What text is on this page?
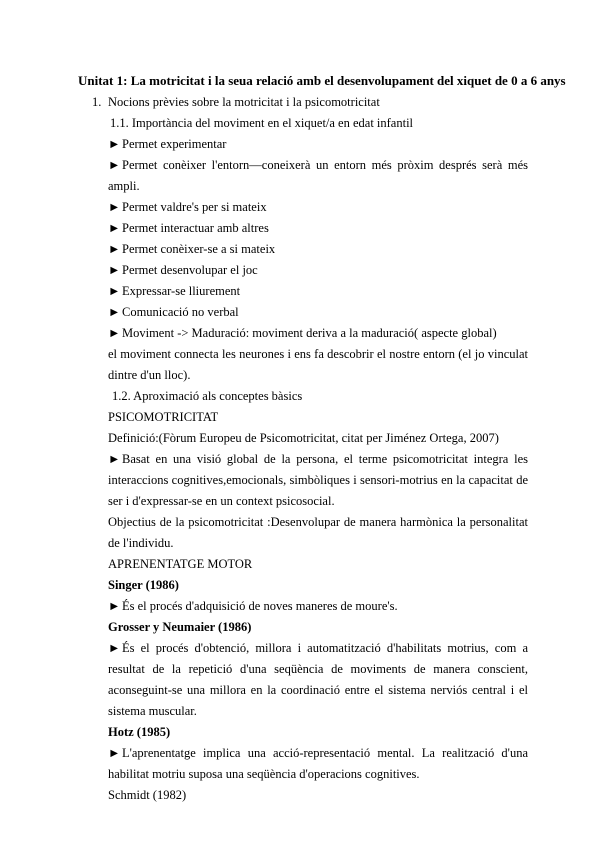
Unitat 1: La motricitat i la seua relació amb el desenvolupament del xiquet de 0 a 6 anys
1. Nocions prèvies sobre la motricitat i la psicomotricitat
1.1. Importància del moviment en el xiquet/a en edat infantil
► Permet experimentar
► Permet conèixer l'entorn—coneixerà un entorn més pròxim després serà més ampli.
► Permet valdre's per si mateix
► Permet interactuar amb altres
► Permet conèixer-se a si mateix
► Permet desenvolupar el joc
► Expressar-se lliurement
► Comunicació no verbal
► Moviment -> Maduració: moviment deriva a la maduració( aspecte global)
el moviment connecta les neurones i ens fa descobrir el nostre entorn (el jo vinculat dintre d'un lloc).
1.2. Aproximació als conceptes bàsics
PSICOMOTRICITAT
Definició:(Fòrum Europeu de Psicomotricitat, citat per Jiménez Ortega, 2007)
► Basat en una visió global de la persona, el terme psicomotricitat integra les interaccions cognitives,emocionals, simbòliques i sensori-motrius en la capacitat de ser i d'expressar-se en un context psicosocial.
Objectius de la psicomotricitat :Desenvolupar de manera harmònica la personalitat de l'individu.
APRENENTATGE MOTOR
Singer (1986)
► És el procés d'adquisició de noves maneres de moure's.
Grosser y Neumaier (1986)
► És el procés d'obtenció, millora i automatització d'habilitats motrius, com a resultat de la repetició d'una seqüència de moviments de manera conscient, aconseguint-se una millora en la coordinació entre el sistema nerviós central i el sistema muscular.
Hotz (1985)
► L'aprenentatge implica una acció-representació mental. La realització d'una habilitat motriu suposa una seqüència d'operacions cognitives.
Schmidt (1982)
